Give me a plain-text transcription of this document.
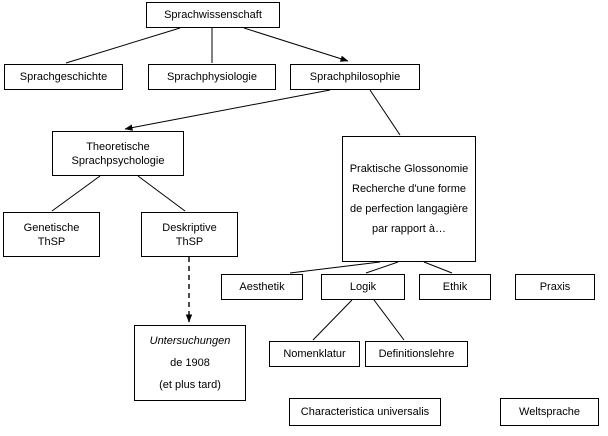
Sprachwissenschaft
Sprachgeschichte	Sprachphysiologie	Sprachphilosophie
Theoretische
Sprachpsychologie
Praktische Glossonomie
Recherche d'une forme
de perfection langagière
par rapport à…
Genetische
ThSP
Deskriptive
ThSP
Aesthetik	Logik	Ethik	Praxis
Nomenklatur	Definitionslehre
Untersuchungen
de 1908
(et plus tard)
Characteristica universalis	Weltsprache
